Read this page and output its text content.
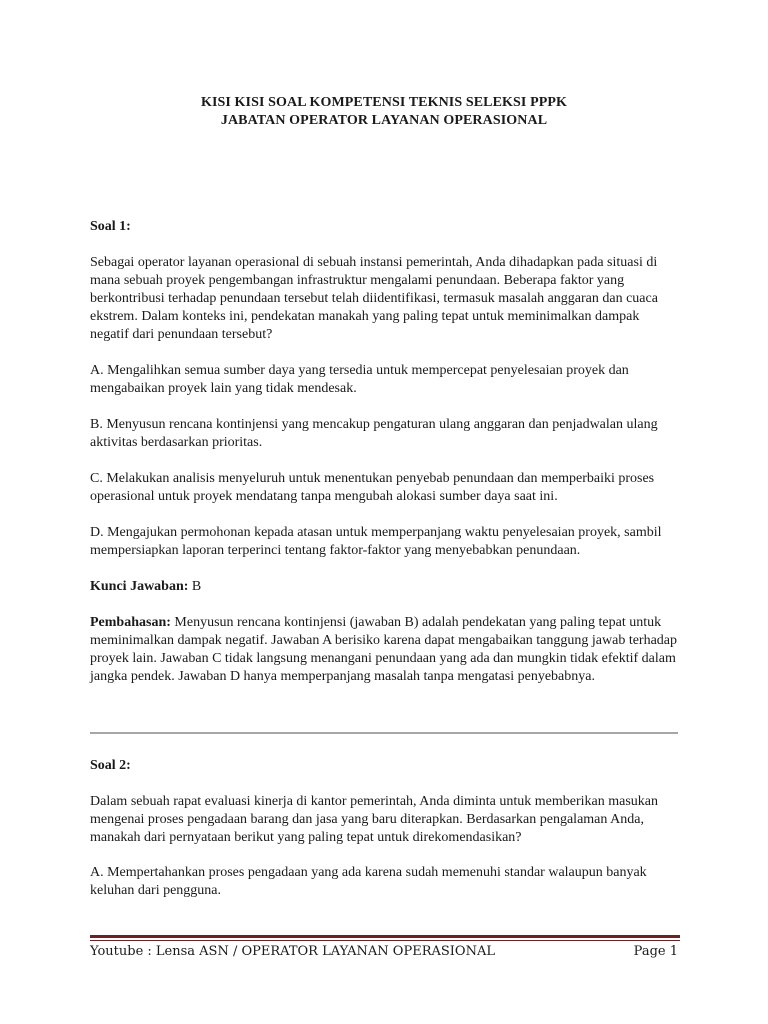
KISI KISI SOAL KOMPETENSI TEKNIS SELEKSI PPPK
JABATAN OPERATOR LAYANAN OPERASIONAL
Soal 1:

Sebagai operator layanan operasional di sebuah instansi pemerintah, Anda dihadapkan pada situasi di mana sebuah proyek pengembangan infrastruktur mengalami penundaan. Beberapa faktor yang berkontribusi terhadap penundaan tersebut telah diidentifikasi, termasuk masalah anggaran dan cuaca ekstrem. Dalam konteks ini, pendekatan manakah yang paling tepat untuk meminimalkan dampak negatif dari penundaan tersebut?

A. Mengalihkan semua sumber daya yang tersedia untuk mempercepat penyelesaian proyek dan mengabaikan proyek lain yang tidak mendesak.

B. Menyusun rencana kontinjensi yang mencakup pengaturan ulang anggaran dan penjadwalan ulang aktivitas berdasarkan prioritas.

C. Melakukan analisis menyeluruh untuk menentukan penyebab penundaan dan memperbaiki proses operasional untuk proyek mendatang tanpa mengubah alokasi sumber daya saat ini.

D. Mengajukan permohonan kepada atasan untuk memperpanjang waktu penyelesaian proyek, sambil mempersiapkan laporan terperinci tentang faktor-faktor yang menyebabkan penundaan.

Kunci Jawaban: B

Pembahasan: Menyusun rencana kontinjensi (jawaban B) adalah pendekatan yang paling tepat untuk meminimalkan dampak negatif. Jawaban A berisiko karena dapat mengabaikan tanggung jawab terhadap proyek lain. Jawaban C tidak langsung menangani penundaan yang ada dan mungkin tidak efektif dalam jangka pendek. Jawaban D hanya memperpanjang masalah tanpa mengatasi penyebabnya.

Soal 2:

Dalam sebuah rapat evaluasi kinerja di kantor pemerintah, Anda diminta untuk memberikan masukan mengenai proses pengadaan barang dan jasa yang baru diterapkan. Berdasarkan pengalaman Anda, manakah dari pernyataan berikut yang paling tepat untuk direkomendasikan?

A. Mempertahankan proses pengadaan yang ada karena sudah memenuhi standar walaupun banyak keluhan dari pengguna.

Youtube : Lensa ASN / OPERATOR LAYANAN OPERASIONAL	Page 1
